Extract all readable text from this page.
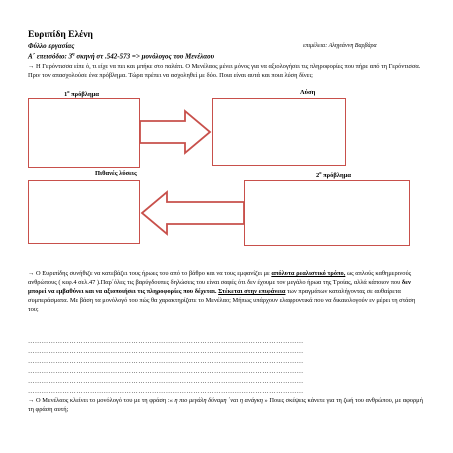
Ευριπίδη Ελένη
Φύλλο εργασίας	επιμέλεια: Αληγιάννη Βαρβάρα
Α΄ επεισόδιο: $3^\eta$ σκηνή στ .542-573 => μονόλογος του Μενέλαου
→ Η Γερόντισσα είπε ό, τι είχε να πει και μπήκε στο παλάτι. Ο Μενέλαος μένει μόνος για να αξιολογήσει τις πληροφορίες που πήρε από τη Γερόντισσα. Πριν τον απασχολούσε ένα πρόβλημα. Τώρα πρέπει να ασχοληθεί με δύο. Ποια είναι αυτά και ποια λύση δίνει;
$1^o$ πρόβλημα	Λύση
Πιθανές λύσεις	$2^o$ πρόβλημα
→ Ο Ευριπίδης συνήθιζε να κατεβάζει τους ήρωες του από το βάθρο και να τους εμφανίζει με απόλυτα ρεαλιστικό τρόπο, ως απλούς καθημερινούς ανθρώπους ( κεφ.4 σελ.47 ).Παρ΄όλες τις βαρύγδουπες δηλώσεις του είναι σαφές ότι δεν έχουμε τον μεγάλο ήρωα της Τροίας, αλλά κάποιον που δεν μπορεί να εμβαθύνει και να αξιοποιήσει τις πληροφορίες που δέχεται. Στέκεται στην επιφάνεια των πραγμάτων καταλήγοντας σε αυθαίρετα συμπεράσματα. Με βάση τα μονόλογό του πώς θα χαρακτηρίζατε το Μενέλαο; Μήπως υπάρχουν ελαφρυντικά που να δικαιολογούν εν μέρει τη στάση του;
…………………………………………………………………………………………………………
…………………………………………………………………………………………………………
…………………………………………………………………………………………………………
…………………………………………………………………………………………………………
…………………………………………………………………………………………………………
…………………………………………………………………………………………………………
→ Ο Μενέλαος κλείνει το μονόλογό του με τη φράση :« η πιο μεγάλη δύναμη ΄ναι η ανάγκη » Ποιες σκέψεις κάνετε για τη ζωή του ανθρώπου, με αφορμή τη φράση αυτή;
